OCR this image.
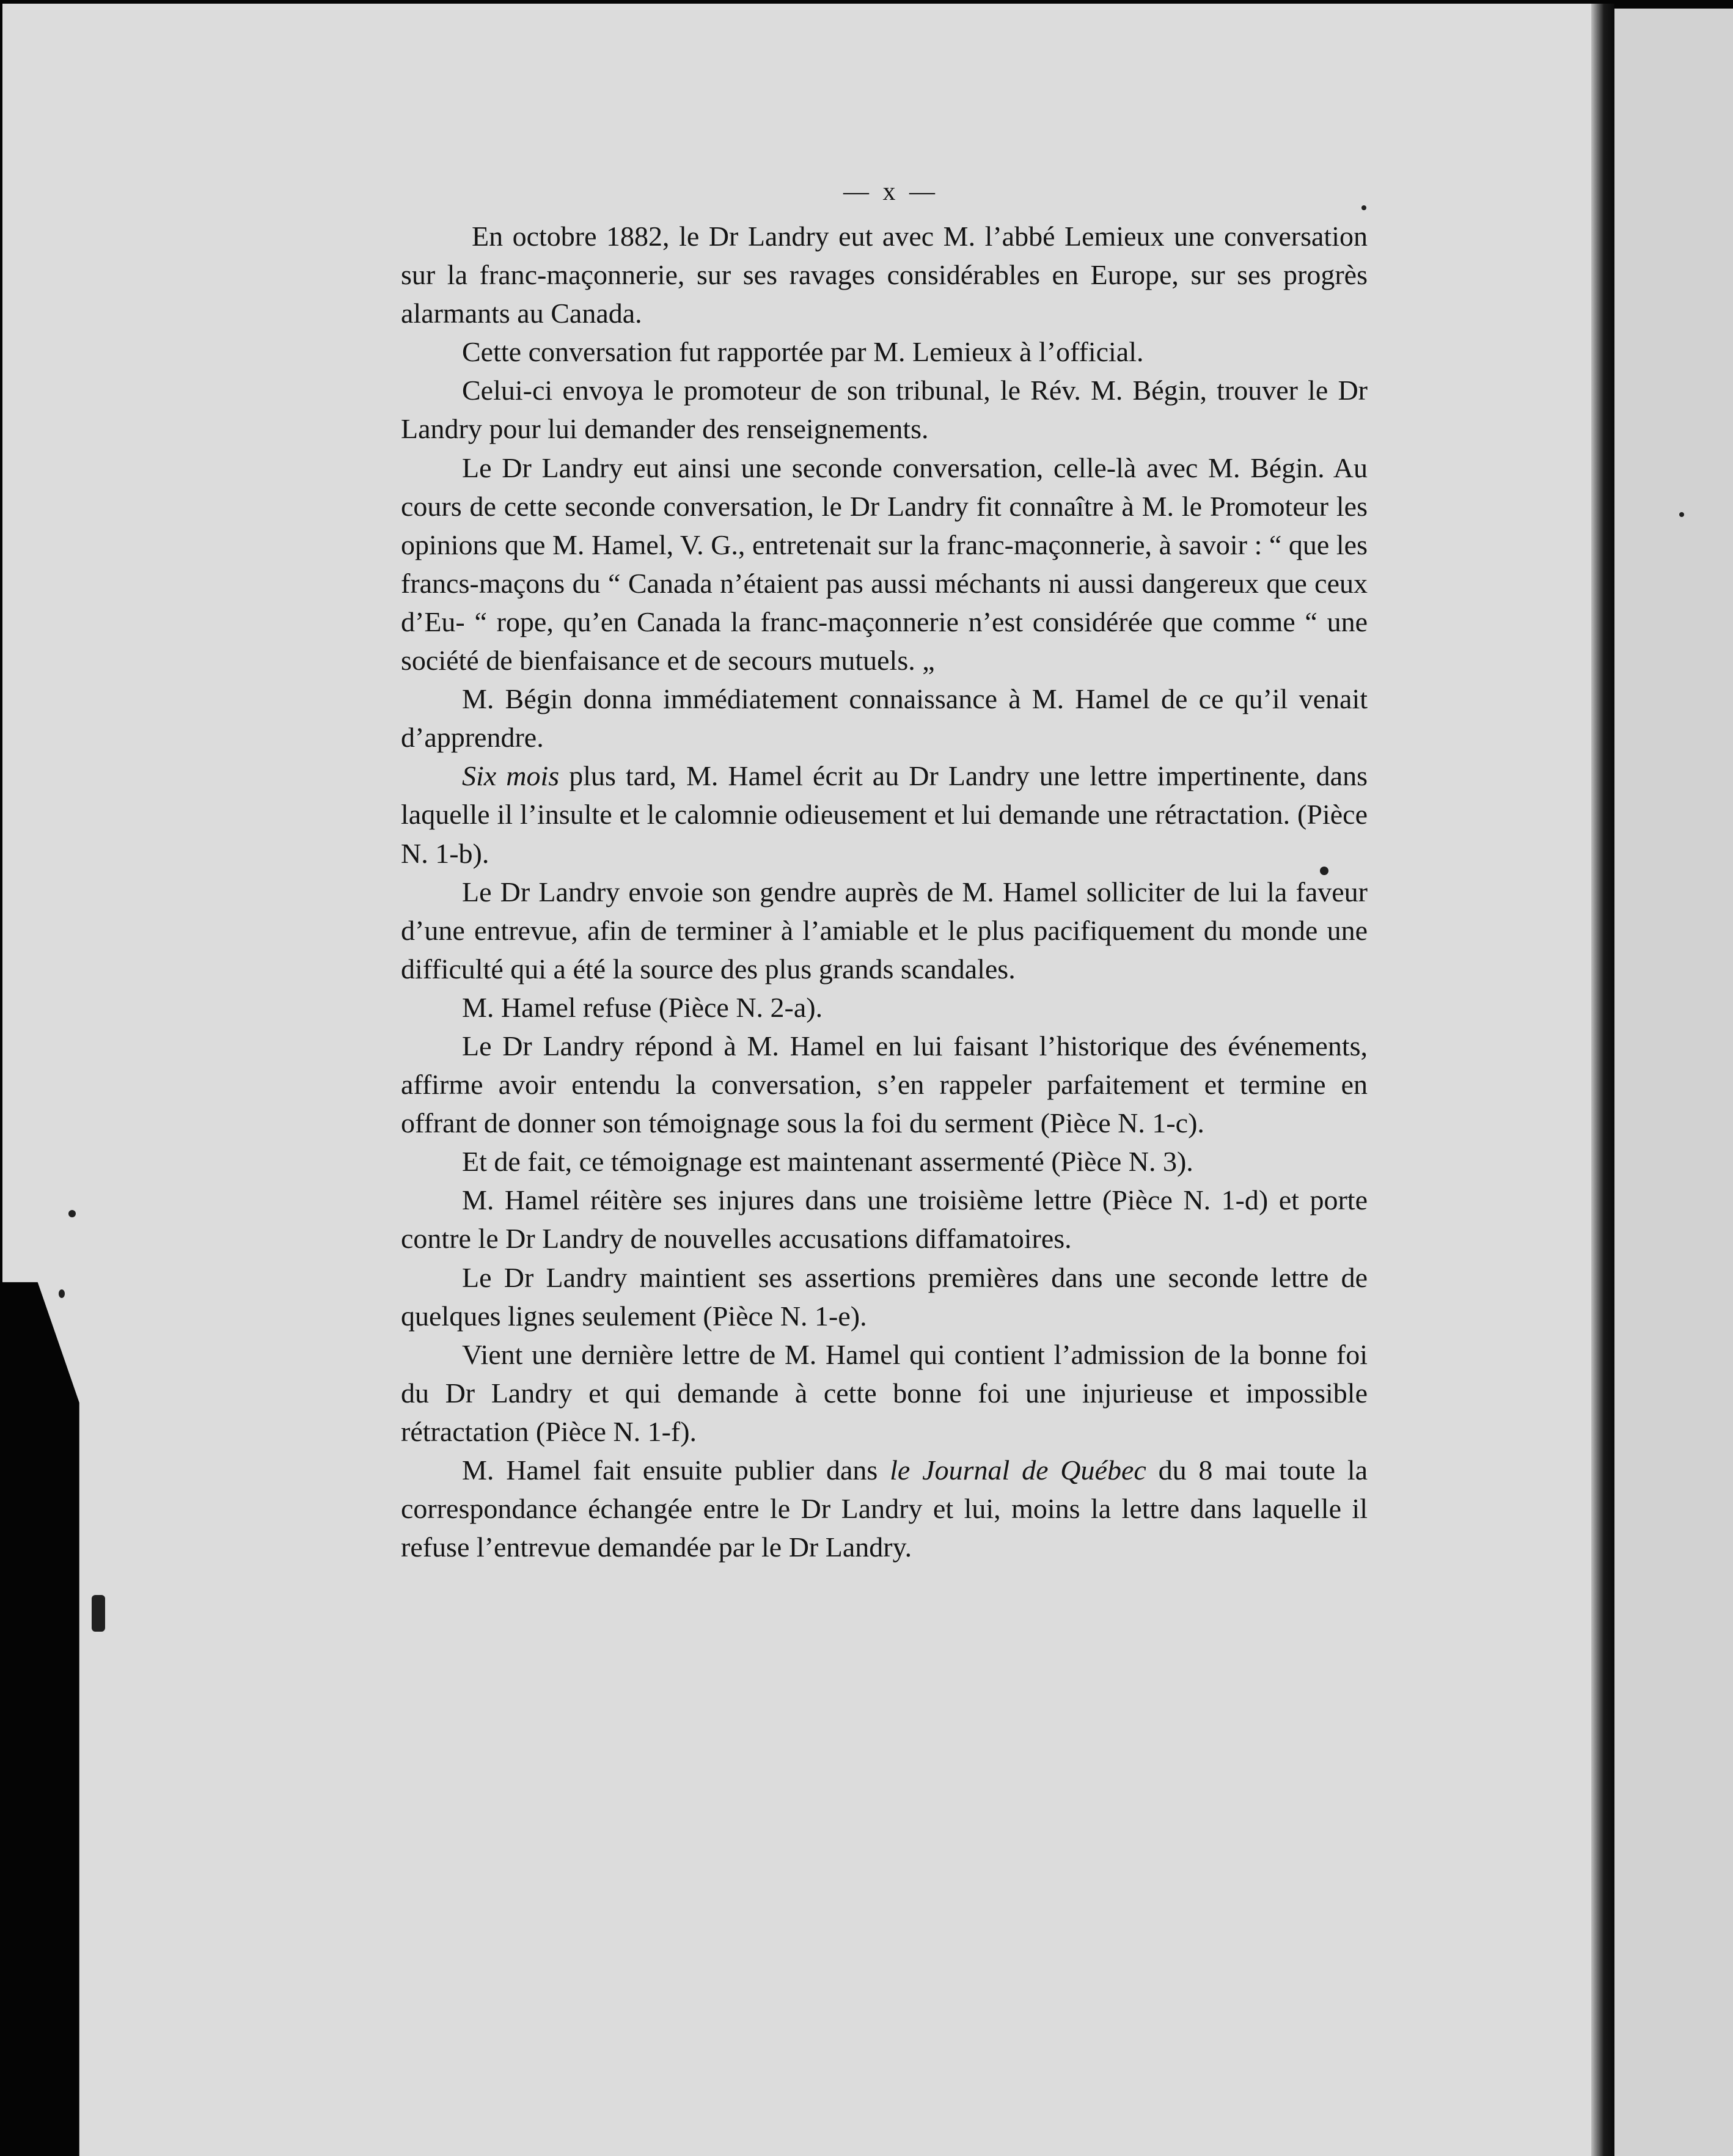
— x —

En octobre 1882, le Dr Landry eut avec M. l’abbé Lemieux une conversation sur la franc-maçonnerie, sur ses ravages considérables en Europe, sur ses progrès alarmants au Canada.

Cette conversation fut rapportée par M. Lemieux à l’official.

Celui-ci envoya le promoteur de son tribunal, le Rév. M. Bégin, trouver le Dr Landry pour lui demander des renseignements.

Le Dr Landry eut ainsi une seconde conversation, celle-là avec M. Bégin. Au cours de cette seconde conversation, le Dr Landry fit connaître à M. le Promoteur les opinions que M. Hamel, V. G., entretenait sur la franc-maçonnerie, à savoir : “ que les francs-maçons du “ Canada n’étaient pas aussi méchants ni aussi dangereux que ceux d’Eu- “ rope, qu’en Canada la franc-maçonnerie n’est considérée que comme “ une société de bienfaisance et de secours mutuels. „

M. Bégin donna immédiatement connaissance à M. Hamel de ce qu’il venait d’apprendre.

Six mois plus tard, M. Hamel écrit au Dr Landry une lettre impertinente, dans laquelle il l’insulte et le calomnie odieusement et lui demande une rétractation. (Pièce N. 1-b).

Le Dr Landry envoie son gendre auprès de M. Hamel solliciter de lui la faveur d’une entrevue, afin de terminer à l’amiable et le plus pacifiquement du monde une difficulté qui a été la source des plus grands scandales.

M. Hamel refuse (Pièce N. 2-a).

Le Dr Landry répond à M. Hamel en lui faisant l’historique des événements, affirme avoir entendu la conversation, s’en rappeler parfaitement et termine en offrant de donner son témoignage sous la foi du serment (Pièce N. 1-c).

Et de fait, ce témoignage est maintenant assermenté (Pièce N. 3).

M. Hamel réitère ses injures dans une troisième lettre (Pièce N. 1-d) et porte contre le Dr Landry de nouvelles accusations diffamatoires.

Le Dr Landry maintient ses assertions premières dans une seconde lettre de quelques lignes seulement (Pièce N. 1-e).

Vient une dernière lettre de M. Hamel qui contient l’admission de la bonne foi du Dr Landry et qui demande à cette bonne foi une injurieuse et impossible rétractation (Pièce N. 1-f).

M. Hamel fait ensuite publier dans le Journal de Québec du 8 mai toute la correspondance échangée entre le Dr Landry et lui, moins la lettre dans laquelle il refuse l’entrevue demandée par le Dr Landry.
